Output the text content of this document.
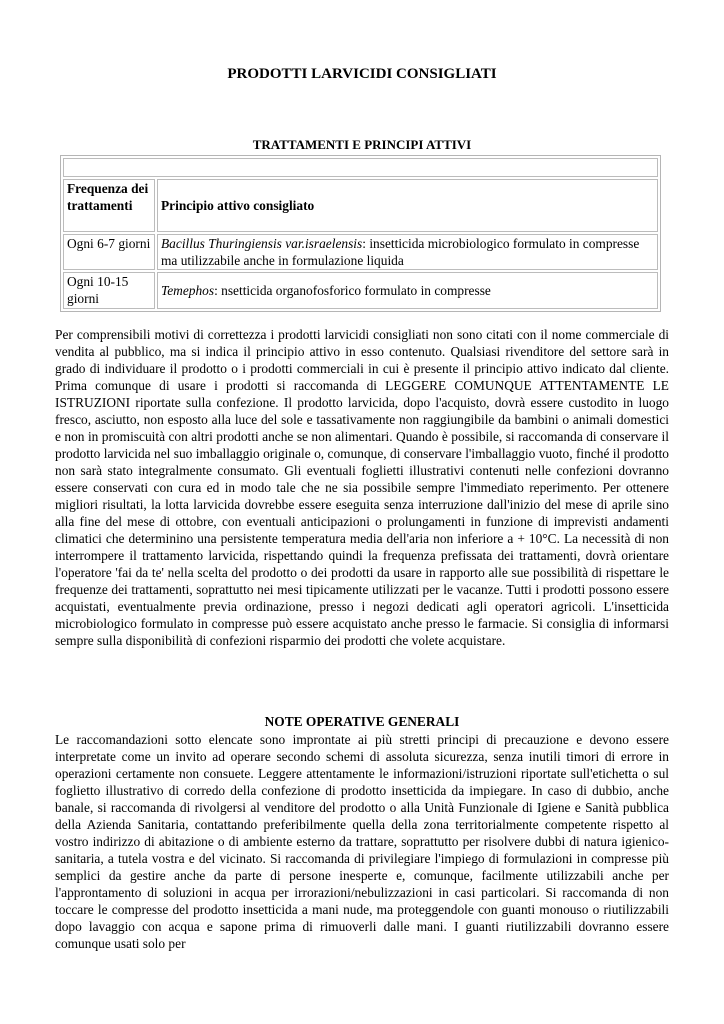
PRODOTTI LARVICIDI CONSIGLIATI
TRATTAMENTI E PRINCIPI ATTIVI
Frequenza dei trattamenti	Principio attivo consigliato
Ogni 6-7 giorni Bacillus Thuringiensis var.israelensis: insetticida microbiologico formulato in compresse ma utilizzabile anche in formulazione liquida
Ogni 10-15 giorni
Temephos: nsetticida organofosforico formulato in compresse
Per comprensibili motivi di correttezza i prodotti larvicidi consigliati non sono citati con il nome commerciale di vendita al pubblico, ma si indica il principio attivo in esso contenuto. Qualsiasi rivenditore del settore sarà in grado di individuare il prodotto o i prodotti commerciali in cui è presente il principio attivo indicato dal cliente. Prima comunque di usare i prodotti si raccomanda di LEGGERE COMUNQUE ATTENTAMENTE LE ISTRUZIONI riportate sulla confezione. Il prodotto larvicida, dopo l'acquisto, dovrà essere custodito in luogo fresco, asciutto, non esposto alla luce del sole e tassativamente non raggiungibile da bambini o animali domestici e non in promiscuità con altri prodotti anche se non alimentari. Quando è possibile, si raccomanda di conservare il prodotto larvicida nel suo imballaggio originale o, comunque, di conservare l'imballaggio vuoto, finché il prodotto non sarà stato integralmente consumato. Gli eventuali foglietti illustrativi contenuti nelle confezioni dovranno essere conservati con cura ed in modo tale che ne sia possibile sempre l'immediato reperimento. Per ottenere migliori risultati, la lotta larvicida dovrebbe essere eseguita senza interruzione dall'inizio del mese di aprile sino alla fine del mese di ottobre, con eventuali anticipazioni o prolungamenti in funzione di imprevisti andamenti climatici che determinino una persistente temperatura media dell'aria non inferiore a + 10°C. La necessità di non interrompere il trattamento larvicida, rispettando quindi la frequenza prefissata dei trattamenti, dovrà orientare l'operatore 'fai da te' nella scelta del prodotto o dei prodotti da usare in rapporto alle sue possibilità di rispettare le frequenze dei trattamenti, soprattutto nei mesi tipicamente utilizzati per le vacanze. Tutti i prodotti possono essere acquistati, eventualmente previa ordinazione, presso i negozi dedicati agli operatori agricoli. L'insetticida microbiologico formulato in compresse può essere acquistato anche presso le farmacie. Si consiglia di informarsi sempre sulla disponibilità di confezioni risparmio dei prodotti che volete acquistare.
NOTE OPERATIVE GENERALI
Le raccomandazioni sotto elencate sono improntate ai più stretti principi di precauzione e devono essere interpretate come un invito ad operare secondo schemi di assoluta sicurezza, senza inutili timori di errore in operazioni certamente non consuete. Leggere attentamente le informazioni/istruzioni riportate sull'etichetta o sul foglietto illustrativo di corredo della confezione di prodotto insetticida da impiegare. In caso di dubbio, anche banale, si raccomanda di rivolgersi al venditore del prodotto o alla Unità Funzionale di Igiene e Sanità pubblica della Azienda Sanitaria, contattando preferibilmente quella della zona territorialmente competente rispetto al vostro indirizzo di abitazione o di ambiente esterno da trattare, soprattutto per risolvere dubbi di natura igienico- sanitaria, a tutela vostra e del vicinato. Si raccomanda di privilegiare l'impiego di formulazioni in compresse più semplici da gestire anche da parte di persone inesperte e, comunque, facilmente utilizzabili anche per l'approntamento di soluzioni in acqua per irrorazioni/nebulizzazioni in casi particolari. Si raccomanda di non toccare le compresse del prodotto insetticida a mani nude, ma proteggendole con guanti monouso o riutilizzabili dopo lavaggio con acqua e sapone prima di rimuoverli dalle mani. I guanti riutilizzabili dovranno essere comunque usati solo per
